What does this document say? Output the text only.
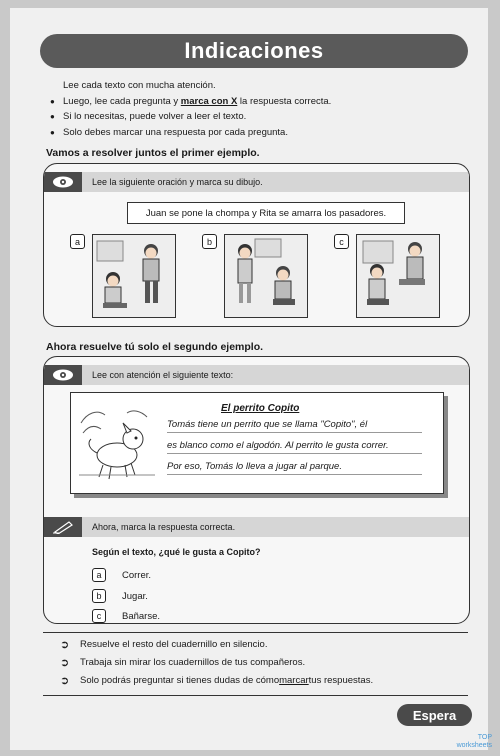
Indicaciones
Lee cada texto con mucha atención.
● Luego, lee cada pregunta y marca con X la respuesta correcta.
● Si lo necesitas, puede volver a leer el texto.
● Solo debes marcar una respuesta por cada pregunta.
Vamos a resolver juntos el primer ejemplo.
Lee la siguiente oración y marca su dibujo.
Juan se pone la chompa y Rita se amarra los pasadores.
a	b	c
Ahora resuelve tú solo el segundo ejemplo.
Lee con atención el siguiente texto:
El perrito Copito
Tomás tiene un perrito que se llama "Copito", él
es blanco como el algodón. Al perrito le gusta correr.
Por eso, Tomás lo lleva a jugar al parque.
Ahora, marca la respuesta correcta.
Según el texto, ¿qué le gusta a Copito?
a	Correr.
b	Jugar.
c	Bañarse.
➲	Resuelve el resto del cuadernillo en silencio.
➲	Trabaja sin mirar los cuadernillos de tus compañeros.
➲	Solo podrás preguntar si tienes dudas de cómo marcar tus respuestas.
Espera
TOP
worksheets
